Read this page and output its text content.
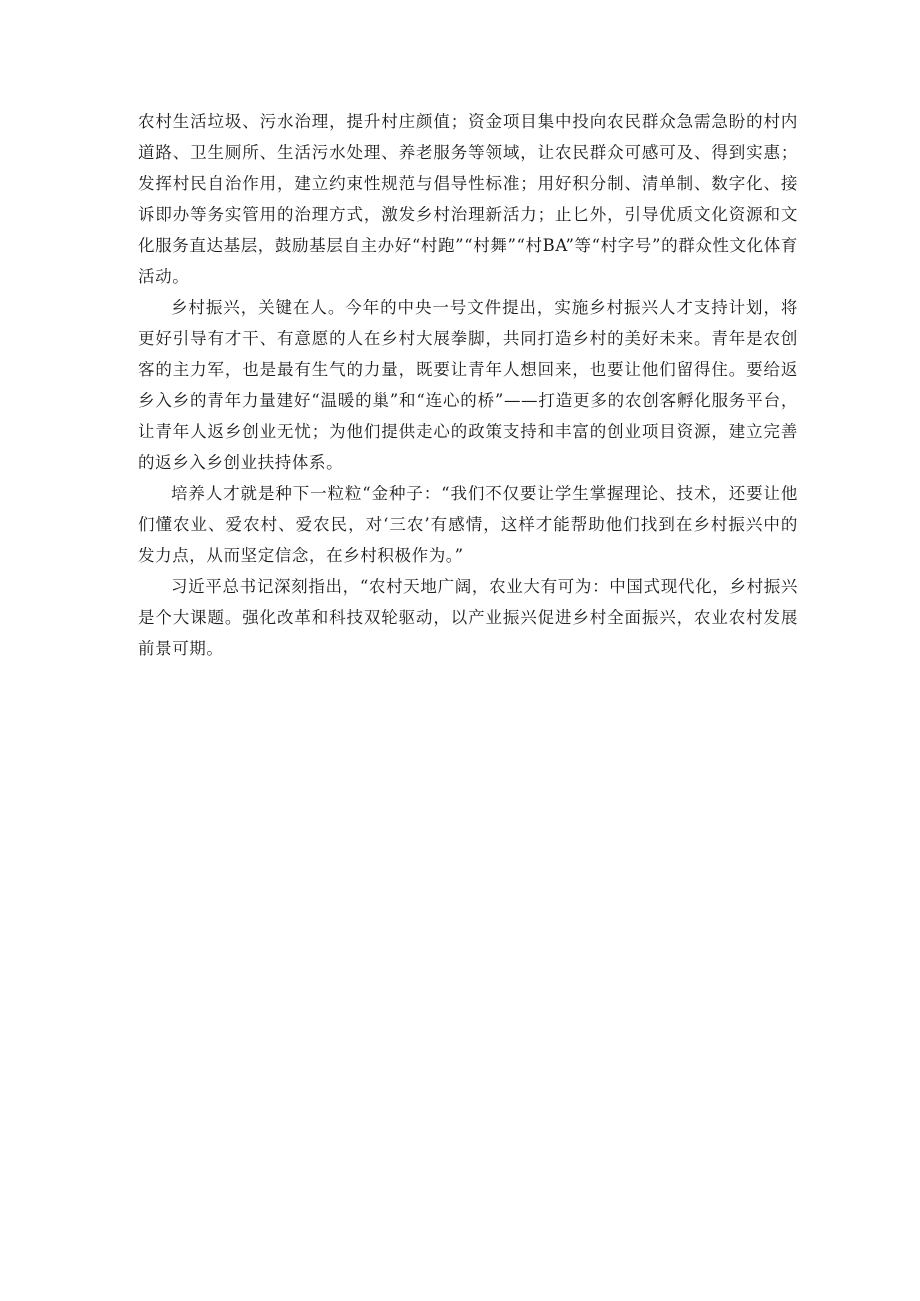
农村生活垃圾、污水治理，提升村庄颜值；资金项目集中投向农民群众急需急盼的村内道路、卫生厕所、生活污水处理、养老服务等领域，让农民群众可感可及、得到实惠；发挥村民自治作用，建立约束性规范与倡导性标准；用好积分制、清单制、数字化、接诉即办等务实管用的治理方式，激发乡村治理新活力；止匕外，引导优质文化资源和文化服务直达基层，鼓励基层自主办好“村跑”“村舞”“村BA”等“村字号”的群众性文化体育活动。

乡村振兴，关键在人。今年的中央一号文件提出，实施乡村振兴人才支持计划，将更好引导有才干、有意愿的人在乡村大展拳脚，共同打造乡村的美好未来。青年是农创客的主力军，也是最有生气的力量，既要让青年人想回来，也要让他们留得住。要给返乡入乡的青年力量建好“温暖的巢”和“连心的桥”——打造更多的农创客孵化服务平台，让青年人返乡创业无忧；为他们提供走心的政策支持和丰富的创业项目资源，建立完善的返乡入乡创业扶持体系。

培养人才就是种下一粒粒“金种子：“我们不仅要让学生掌握理论、技术，还要让他们懂农业、爱农村、爱农民，对‘三农’有感情，这样才能帮助他们找到在乡村振兴中的发力点，从而坚定信念，在乡村积极作为。”

习近平总书记深刻指出，“农村天地广阔，农业大有可为：中国式现代化，乡村振兴是个大课题。强化改革和科技双轮驱动，以产业振兴促进乡村全面振兴，农业农村发展前景可期。
